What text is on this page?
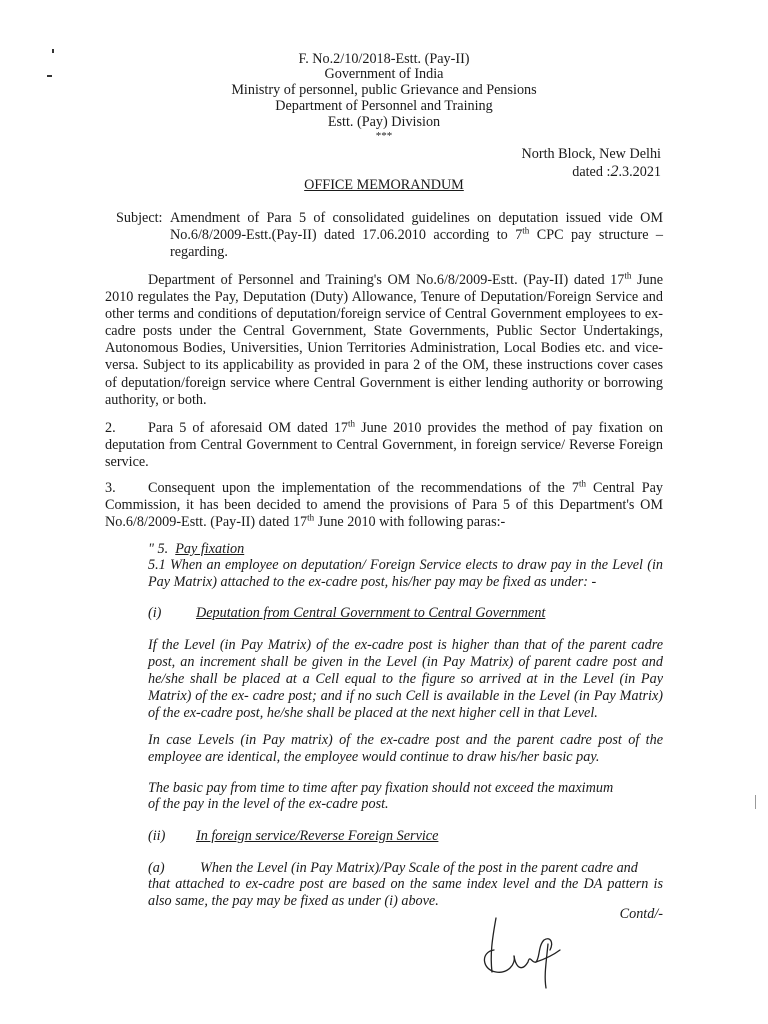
F. No.2/10/2018-Estt. (Pay-II)
Government of India
Ministry of personnel, public Grievance and Pensions
Department of Personnel and Training
Estt. (Pay) Division
***
North Block, New Delhi
dated :2.3.2021
OFFICE MEMORANDUM
Subject: Amendment of Para 5 of consolidated guidelines on deputation issued vide OM No.6/8/2009-Estt.(Pay-II) dated 17.06.2010 according to 7th CPC pay structure – regarding.
Department of Personnel and Training's OM No.6/8/2009-Estt. (Pay-II) dated 17th June 2010 regulates the Pay, Deputation (Duty) Allowance, Tenure of Deputation/Foreign Service and other terms and conditions of deputation/foreign service of Central Government employees to ex-cadre posts under the Central Government, State Governments, Public Sector Undertakings, Autonomous Bodies, Universities, Union Territories Administration, Local Bodies etc. and vice-versa. Subject to its applicability as provided in para 2 of the OM, these instructions cover cases of deputation/foreign service where Central Government is either lending authority or borrowing authority, or both.
2.	Para 5 of aforesaid OM dated 17th June 2010 provides the method of pay fixation on deputation from Central Government to Central Government, in foreign service/ Reverse Foreign service.
3.	Consequent upon the implementation of the recommendations of the 7th Central Pay Commission, it has been decided to amend the provisions of Para 5 of this Department's OM No.6/8/2009-Estt. (Pay-II) dated 17th June 2010 with following paras:-
" 5. Pay fixation
5.1 When an employee on deputation/ Foreign Service elects to draw pay in the Level (in Pay Matrix) attached to the ex-cadre post, his/her pay may be fixed as under: -
(i) Deputation from Central Government to Central Government
If the Level (in Pay Matrix) of the ex-cadre post is higher than that of the parent cadre post, an increment shall be given in the Level (in Pay Matrix) of parent cadre post and he/she shall be placed at a Cell equal to the figure so arrived at in the Level (in Pay Matrix) of the ex- cadre post; and if no such Cell is available in the Level (in Pay Matrix) of the ex-cadre post, he/she shall be placed at the next higher cell in that Level.
In case Levels (in Pay matrix) of the ex-cadre post and the parent cadre post of the employee are identical, the employee would continue to draw his/her basic pay.
The basic pay from time to time after pay fixation should not exceed the maximum
of the pay in the level of the ex-cadre post.
(ii) In foreign service/Reverse Foreign Service
(a) When the Level (in Pay Matrix)/Pay Scale of the post in the parent cadre and
that attached to ex-cadre post are based on the same index level and the DA pattern is also same, the pay may be fixed as under (i) above.
Contd/-
